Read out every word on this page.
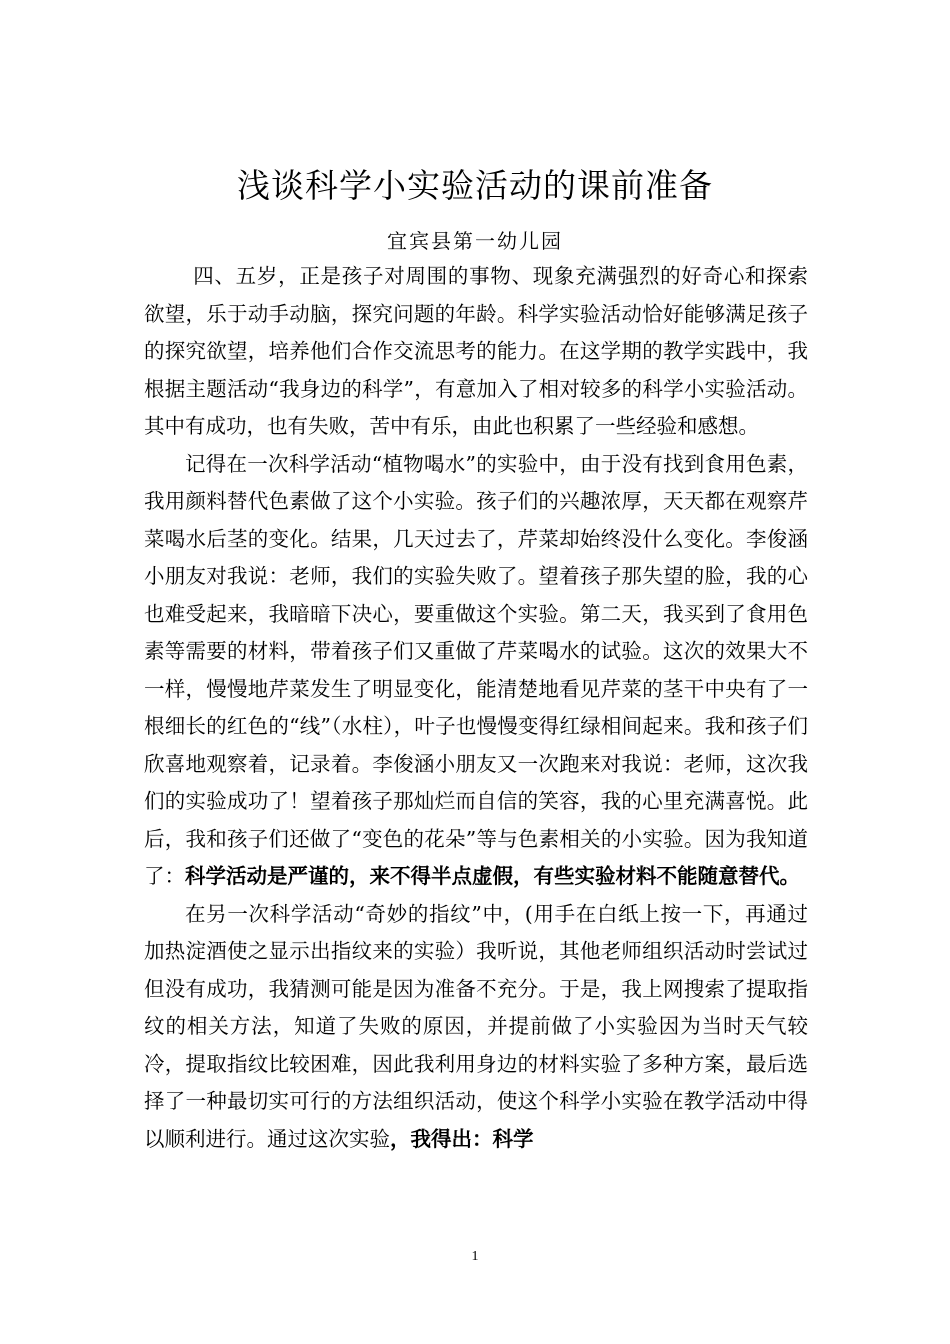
浅谈科学小实验活动的课前准备
宜宾县第一幼儿园

四、五岁，正是孩子对周围的事物、现象充满强烈的好奇心和探索欲望，乐于动手动脑，探究问题的年龄。科学实验活动恰好能够满足孩子的探究欲望，培养他们合作交流思考的能力。在这学期的教学实践中，我根据主题活动“我身边的科学”，有意加入了相对较多的科学小实验活动。其中有成功，也有失败，苦中有乐，由此也积累了一些经验和感想。

记得在一次科学活动“植物喝水”的实验中，由于没有找到食用色素，我用颜料替代色素做了这个小实验。孩子们的兴趣浓厚，天天都在观察芹菜喝水后茎的变化。结果，几天过去了，芹菜却始终没什么变化。李俊涵小朋友对我说：老师，我们的实验失败了。望着孩子那失望的脸，我的心也难受起来，我暗暗下决心，要重做这个实验。第二天，我买到了食用色素等需要的材料，带着孩子们又重做了芹菜喝水的试验。这次的效果大不一样，慢慢地芹菜发生了明显变化，能清楚地看见芹菜的茎干中央有了一根细长的红色的“线”（水柱），叶子也慢慢变得红绿相间起来。我和孩子们欣喜地观察着，记录着。李俊涵小朋友又一次跑来对我说：老师，这次我们的实验成功了！望着孩子那灿烂而自信的笑容，我的心里充满喜悦。此后，我和孩子们还做了“变色的花朵”等与色素相关的小实验。因为我知道了：科学活动是严谨的，来不得半点虚假，有些实验材料不能随意替代。

在另一次科学活动“奇妙的指纹”中，(用手在白纸上按一下，再通过加热淀酒使之显示出指纹来的实验）我听说，其他老师组织活动时尝试过但没有成功，我猜测可能是因为准备不充分。于是，我上网搜索了提取指纹的相关方法，知道了失败的原因，并提前做了小实验因为当时天气较冷，提取指纹比较困难，因此我利用身边的材料实验了多种方案，最后选择了一种最切实可行的方法组织活动，使这个科学小实验在教学活动中得以顺利进行。通过这次实验，我得出：科学

1
